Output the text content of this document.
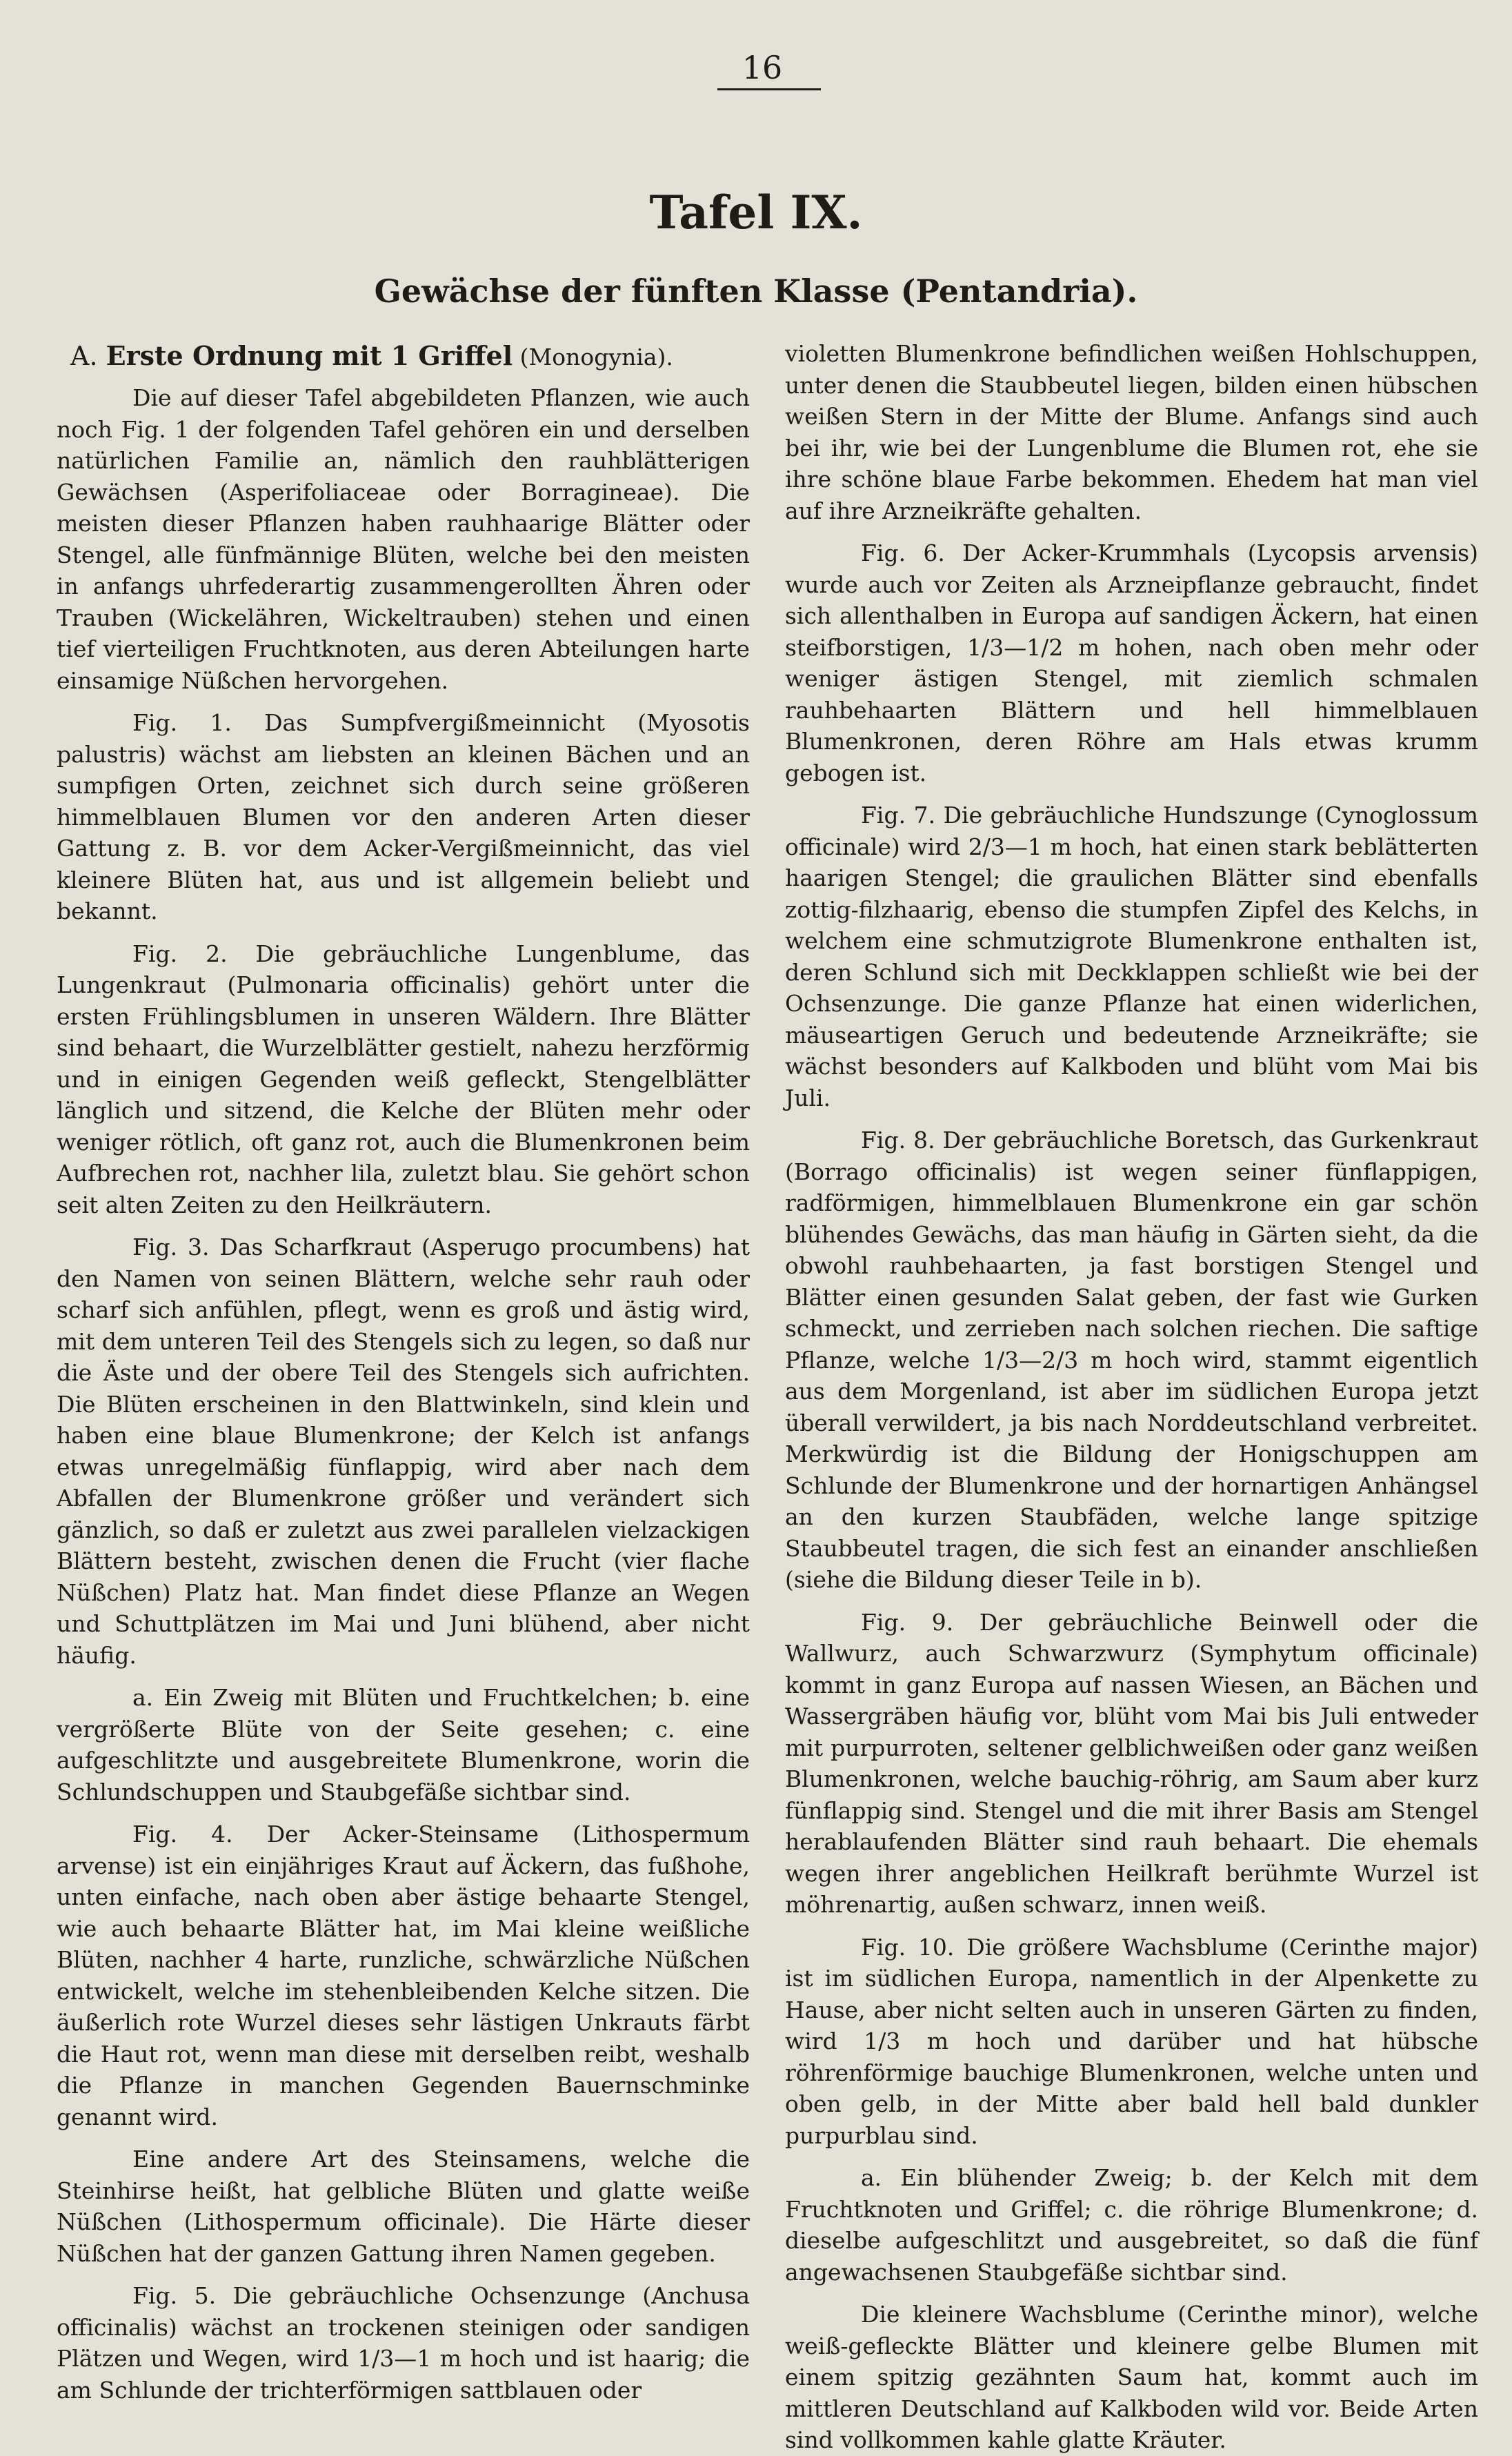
16
Tafel IX.
Gewächse der fünften Klasse (Pentandria).
A. Erste Ordnung mit 1 Griffel (Monogynia).

Die auf dieser Tafel abgebildeten Pflanzen, wie auch noch Fig. 1 der folgenden Tafel gehören ein und derselben natürlichen Familie an, nämlich den rauhblätterigen Gewächsen (Asperifoliaceae oder Borragineae). Die meisten dieser Pflanzen haben rauhhaarige Blätter oder Stengel, alle fünfmännige Blüten, welche bei den meisten in anfangs uhrfederartig zusammengerollten Ähren oder Trauben (Wickelähren, Wickeltrauben) stehen und einen tief vierteiligen Fruchtknoten, aus deren Abteilungen harte einsamige Nüßchen hervorgehen.

Fig. 1. Das Sumpfvergißmeinnicht (Myosotis palustris) wächst am liebsten an kleinen Bächen und an sumpfigen Orten, zeichnet sich durch seine größeren himmelblauen Blumen vor den anderen Arten dieser Gattung z. B. vor dem Acker-Vergißmeinnicht, das viel kleinere Blüten hat, aus und ist allgemein beliebt und bekannt.

Fig. 2. Die gebräuchliche Lungenblume, das Lungenkraut (Pulmonaria officinalis) gehört unter die ersten Frühlingsblumen in unseren Wäldern. Ihre Blätter sind behaart, die Wurzelblätter gestielt, nahezu herzförmig und in einigen Gegenden weiß gefleckt, Stengelblätter länglich und sitzend, die Kelche der Blüten mehr oder weniger rötlich, oft ganz rot, auch die Blumenkronen beim Aufbrechen rot, nachher lila, zuletzt blau. Sie gehört schon seit alten Zeiten zu den Heilkräutern.

Fig. 3. Das Scharfkraut (Asperugo procumbens) hat den Namen von seinen Blättern, welche sehr rauh oder scharf sich anfühlen, pflegt, wenn es groß und ästig wird, mit dem unteren Teil des Stengels sich zu legen, so daß nur die Äste und der obere Teil des Stengels sich aufrichten. Die Blüten erscheinen in den Blattwinkeln, sind klein und haben eine blaue Blumenkrone; der Kelch ist anfangs etwas unregelmäßig fünflappig, wird aber nach dem Abfallen der Blumenkrone größer und verändert sich gänzlich, so daß er zuletzt aus zwei parallelen vielzackigen Blättern besteht, zwischen denen die Frucht (vier flache Nüßchen) Platz hat. Man findet diese Pflanze an Wegen und Schuttplätzen im Mai und Juni blühend, aber nicht häufig.

a. Ein Zweig mit Blüten und Fruchtkelchen; b. eine vergrößerte Blüte von der Seite gesehen; c. eine aufgeschlitzte und ausgebreitete Blumenkrone, worin die Schlundschuppen und Staubgefäße sichtbar sind.

Fig. 4. Der Acker-Steinsame (Lithospermum arvense) ist ein einjähriges Kraut auf Äckern, das fußhohe, unten einfache, nach oben aber ästige behaarte Stengel, wie auch behaarte Blätter hat, im Mai kleine weißliche Blüten, nachher 4 harte, runzliche, schwärzliche Nüßchen entwickelt, welche im stehenbleibenden Kelche sitzen. Die äußerlich rote Wurzel dieses sehr lästigen Unkrauts färbt die Haut rot, wenn man diese mit derselben reibt, weshalb die Pflanze in manchen Gegenden Bauernschminke genannt wird.

Eine andere Art des Steinsamens, welche die Steinhirse heißt, hat gelbliche Blüten und glatte weiße Nüßchen (Lithospermum officinale). Die Härte dieser Nüßchen hat der ganzen Gattung ihren Namen gegeben.

Fig. 5. Die gebräuchliche Ochsenzunge (Anchusa officinalis) wächst an trockenen steinigen oder sandigen Plätzen und Wegen, wird 1/3—1 m hoch und ist haarig; die am Schlunde der trichterförmigen sattblauen oder

violetten Blumenkrone befindlichen weißen Hohlschuppen, unter denen die Staubbeutel liegen, bilden einen hübschen weißen Stern in der Mitte der Blume. Anfangs sind auch bei ihr, wie bei der Lungenblume die Blumen rot, ehe sie ihre schöne blaue Farbe bekommen. Ehedem hat man viel auf ihre Arzneikräfte gehalten.

Fig. 6. Der Acker-Krummhals (Lycopsis arvensis) wurde auch vor Zeiten als Arzneipflanze gebraucht, findet sich allenthalben in Europa auf sandigen Äckern, hat einen steifborstigen, 1/3—1/2 m hohen, nach oben mehr oder weniger ästigen Stengel, mit ziemlich schmalen rauhbehaarten Blättern und hell himmelblauen Blumenkronen, deren Röhre am Hals etwas krumm gebogen ist.

Fig. 7. Die gebräuchliche Hundszunge (Cynoglossum officinale) wird 2/3—1 m hoch, hat einen stark beblätterten haarigen Stengel; die graulichen Blätter sind ebenfalls zottig-filzhaarig, ebenso die stumpfen Zipfel des Kelchs, in welchem eine schmutzigrote Blumenkrone enthalten ist, deren Schlund sich mit Deckklappen schließt wie bei der Ochsenzunge. Die ganze Pflanze hat einen widerlichen, mäuseartigen Geruch und bedeutende Arzneikräfte; sie wächst besonders auf Kalkboden und blüht vom Mai bis Juli.

Fig. 8. Der gebräuchliche Boretsch, das Gurkenkraut (Borrago officinalis) ist wegen seiner fünflappigen, radförmigen, himmelblauen Blumenkrone ein gar schön blühendes Gewächs, das man häufig in Gärten sieht, da die obwohl rauhbehaarten, ja fast borstigen Stengel und Blätter einen gesunden Salat geben, der fast wie Gurken schmeckt, und zerrieben nach solchen riechen. Die saftige Pflanze, welche 1/3—2/3 m hoch wird, stammt eigentlich aus dem Morgenland, ist aber im südlichen Europa jetzt überall verwildert, ja bis nach Norddeutschland verbreitet. Merkwürdig ist die Bildung der Honigschuppen am Schlunde der Blumenkrone und der hornartigen Anhängsel an den kurzen Staubfäden, welche lange spitzige Staubbeutel tragen, die sich fest an einander anschließen (siehe die Bildung dieser Teile in b).

Fig. 9. Der gebräuchliche Beinwell oder die Wallwurz, auch Schwarzwurz (Symphytum officinale) kommt in ganz Europa auf nassen Wiesen, an Bächen und Wassergräben häufig vor, blüht vom Mai bis Juli entweder mit purpurroten, seltener gelblichweißen oder ganz weißen Blumenkronen, welche bauchig-röhrig, am Saum aber kurz fünflappig sind. Stengel und die mit ihrer Basis am Stengel herablaufenden Blätter sind rauh behaart. Die ehemals wegen ihrer angeblichen Heilkraft berühmte Wurzel ist möhrenartig, außen schwarz, innen weiß.

Fig. 10. Die größere Wachsblume (Cerinthe major) ist im südlichen Europa, namentlich in der Alpenkette zu Hause, aber nicht selten auch in unseren Gärten zu finden, wird 1/3 m hoch und darüber und hat hübsche röhrenförmige bauchige Blumenkronen, welche unten und oben gelb, in der Mitte aber bald hell bald dunkler purpurblau sind.

a. Ein blühender Zweig; b. der Kelch mit dem Fruchtknoten und Griffel; c. die röhrige Blumenkrone; d. dieselbe aufgeschlitzt und ausgebreitet, so daß die fünf angewachsenen Staubgefäße sichtbar sind.

Die kleinere Wachsblume (Cerinthe minor), welche weiß-gefleckte Blätter und kleinere gelbe Blumen mit einem spitzig gezähnten Saum hat, kommt auch im mittleren Deutschland auf Kalkboden wild vor. Beide Arten sind vollkommen kahle glatte Kräuter.
